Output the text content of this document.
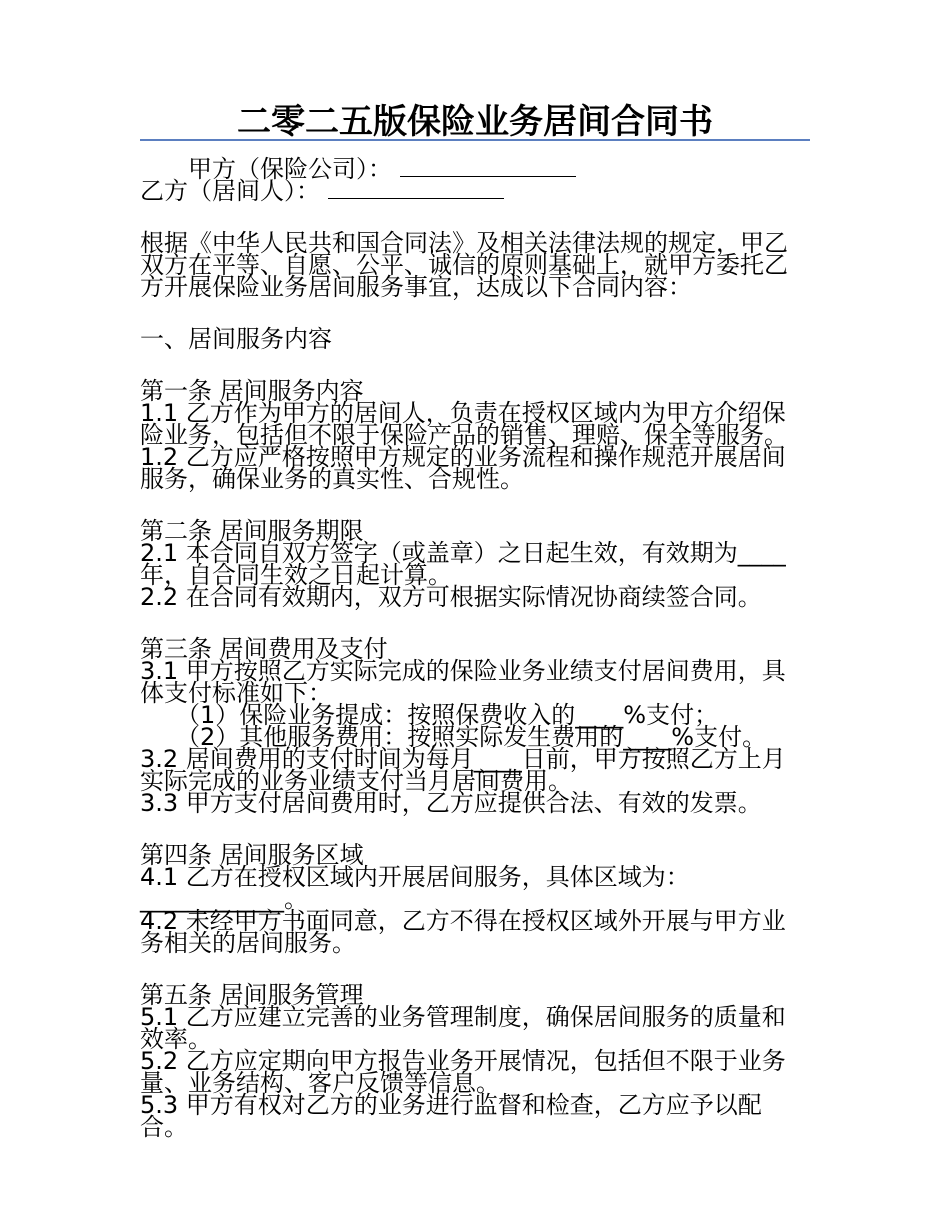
二零二五版保险业务居间合同书
甲方（保险公司）：
乙方（居间人）：
根据《中华人民共和国合同法》及相关法律法规的规定，甲乙
双方在平等、自愿、公平、诚信的原则基础上，就甲方委托乙
方开展保险业务居间服务事宜，达成以下合同内容：
一、居间服务内容
第一条 居间服务内容
1.1 乙方作为甲方的居间人，负责在授权区域内为甲方介绍保
险业务，包括但不限于保险产品的销售、理赔、保全等服务。
1.2 乙方应严格按照甲方规定的业务流程和操作规范开展居间
服务，确保业务的真实性、合规性。
第二条 居间服务期限
2.1 本合同自双方签字（或盖章）之日起生效，有效期为____
年，自合同生效之日起计算。
2.2 在合同有效期内，双方可根据实际情况协商续签合同。
第三条 居间费用及支付
3.1 甲方按照乙方实际完成的保险业务业绩支付居间费用，具
体支付标准如下：
（1）保险业务提成：按照保费收入的____%支付；
（2）其他服务费用：按照实际发生费用的____%支付。
3.2 居间费用的支付时间为每月____日前，甲方按照乙方上月
实际完成的业务业绩支付当月居间费用。
3.3 甲方支付居间费用时，乙方应提供合法、有效的发票。
第四条 居间服务区域
4.1 乙方在授权区域内开展居间服务，具体区域为：
____________。
4.2 未经甲方书面同意，乙方不得在授权区域外开展与甲方业
务相关的居间服务。
第五条 居间服务管理
5.1 乙方应建立完善的业务管理制度，确保居间服务的质量和
效率。
5.2 乙方应定期向甲方报告业务开展情况，包括但不限于业务
量、业务结构、客户反馈等信息。
5.3 甲方有权对乙方的业务进行监督和检查，乙方应予以配
合。
